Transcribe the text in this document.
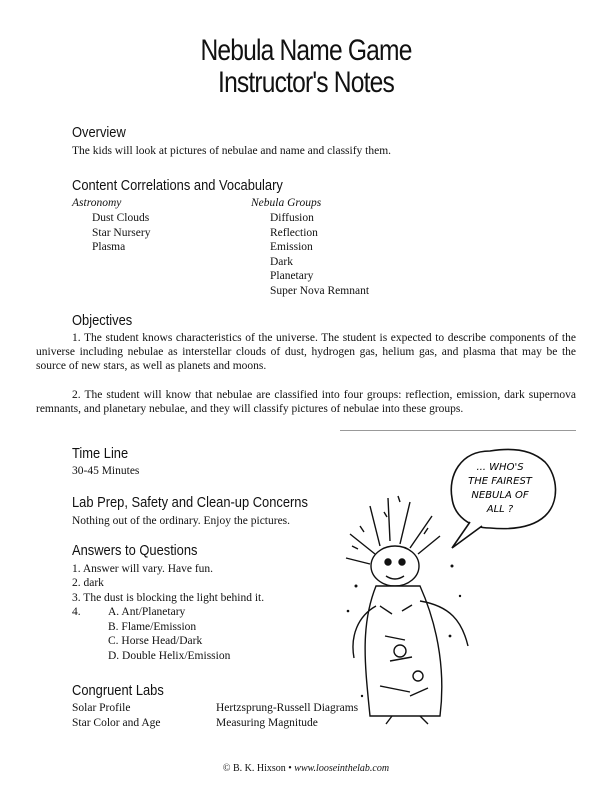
Nebula Name Game
Instructor's Notes
Overview
The kids will look at pictures of nebulae and name and classify them.
Content Correlations and Vocabulary
Astronomy
Dust Clouds
Star Nursery
Plasma
Nebula Groups
Diffusion
Reflection
Emission
Dark
Planetary
Super Nova Remnant
Objectives
1. The student knows characteristics of the universe. The student is expected to describe components of the universe including nebulae as interstellar clouds of dust, hydrogen gas, helium gas, and plasma that may be the source of new stars, as well as planets and moons.
2. The student will know that nebulae are classified into four groups: reflection, emission, dark supernova remnants, and planetary nebulae, and they will classify pictures of nebulae into these groups.
Time Line
30-45 Minutes
Lab Prep, Safety and Clean-up Concerns
Nothing out of the ordinary. Enjoy the pictures.
Answers to Questions
1. Answer will vary. Have fun.
2. dark
3. The dust is blocking the light behind it.
4. A. Ant/Planetary
B. Flame/Emission
C. Horse Head/Dark
D. Double Helix/Emission
Congruent Labs
Solar Profile
Star Color and Age
Hertzsprung-Russell Diagrams
Measuring Magnitude
... WHO'S
THE FAIREST
NEBULA OF
ALL ?
© B. K. Hixson • www.looseinthelab.com
